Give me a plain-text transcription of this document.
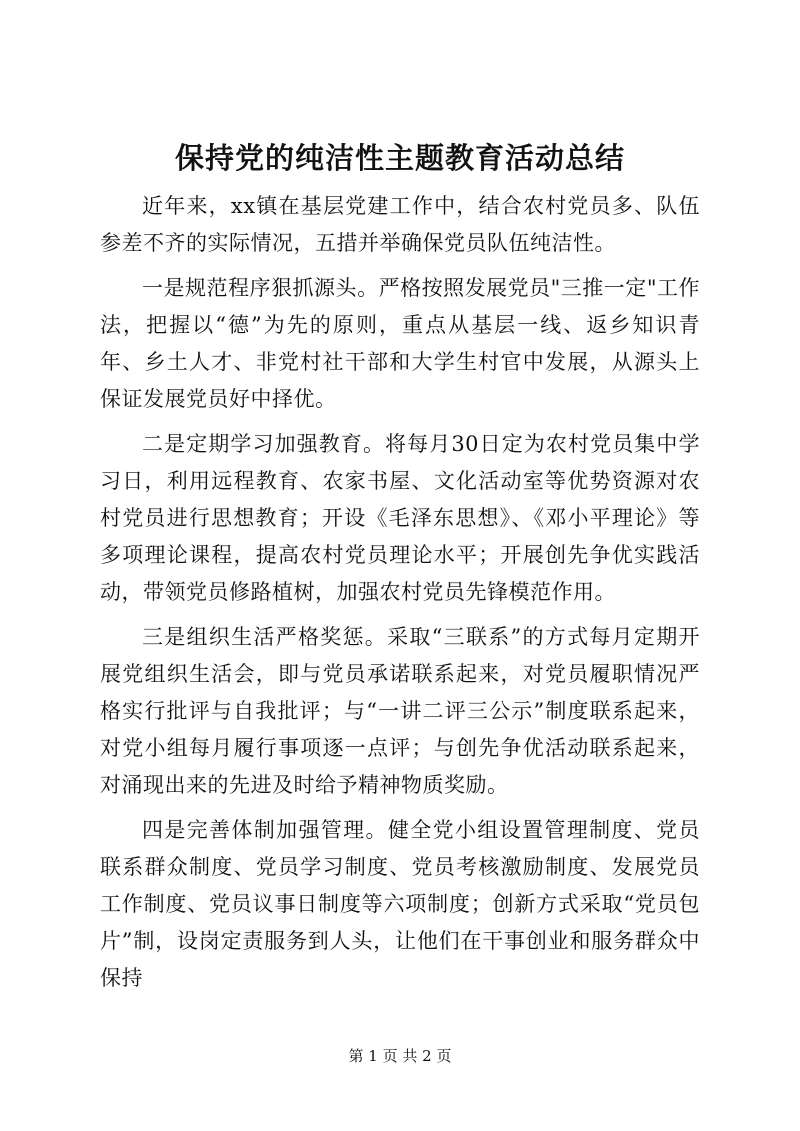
保持党的纯洁性主题教育活动总结

近年来，xx镇在基层党建工作中，结合农村党员多、队伍参差不齐的实际情况，五措并举确保党员队伍纯洁性。

一是规范程序狠抓源头。严格按照发展党员"三推一定"工作法，把握以“德”为先的原则，重点从基层一线、返乡知识青年、乡土人才、非党村社干部和大学生村官中发展，从源头上保证发展党员好中择优。

二是定期学习加强教育。将每月30日定为农村党员集中学习日，利用远程教育、农家书屋、文化活动室等优势资源对农村党员进行思想教育；开设《毛泽东思想》、《邓小平理论》等多项理论课程，提高农村党员理论水平；开展创先争优实践活动，带领党员修路植树，加强农村党员先锋模范作用。

三是组织生活严格奖惩。采取“三联系”的方式每月定期开展党组织生活会，即与党员承诺联系起来，对党员履职情况严格实行批评与自我批评；与“一讲二评三公示”制度联系起来，对党小组每月履行事项逐一点评；与创先争优活动联系起来，对涌现出来的先进及时给予精神物质奖励。

四是完善体制加强管理。健全党小组设置管理制度、党员联系群众制度、党员学习制度、党员考核激励制度、发展党员工作制度、党员议事日制度等六项制度；创新方式采取“党员包片”制，设岗定责服务到人头，让他们在干事创业和服务群众中保持

第 1 页 共 2 页
